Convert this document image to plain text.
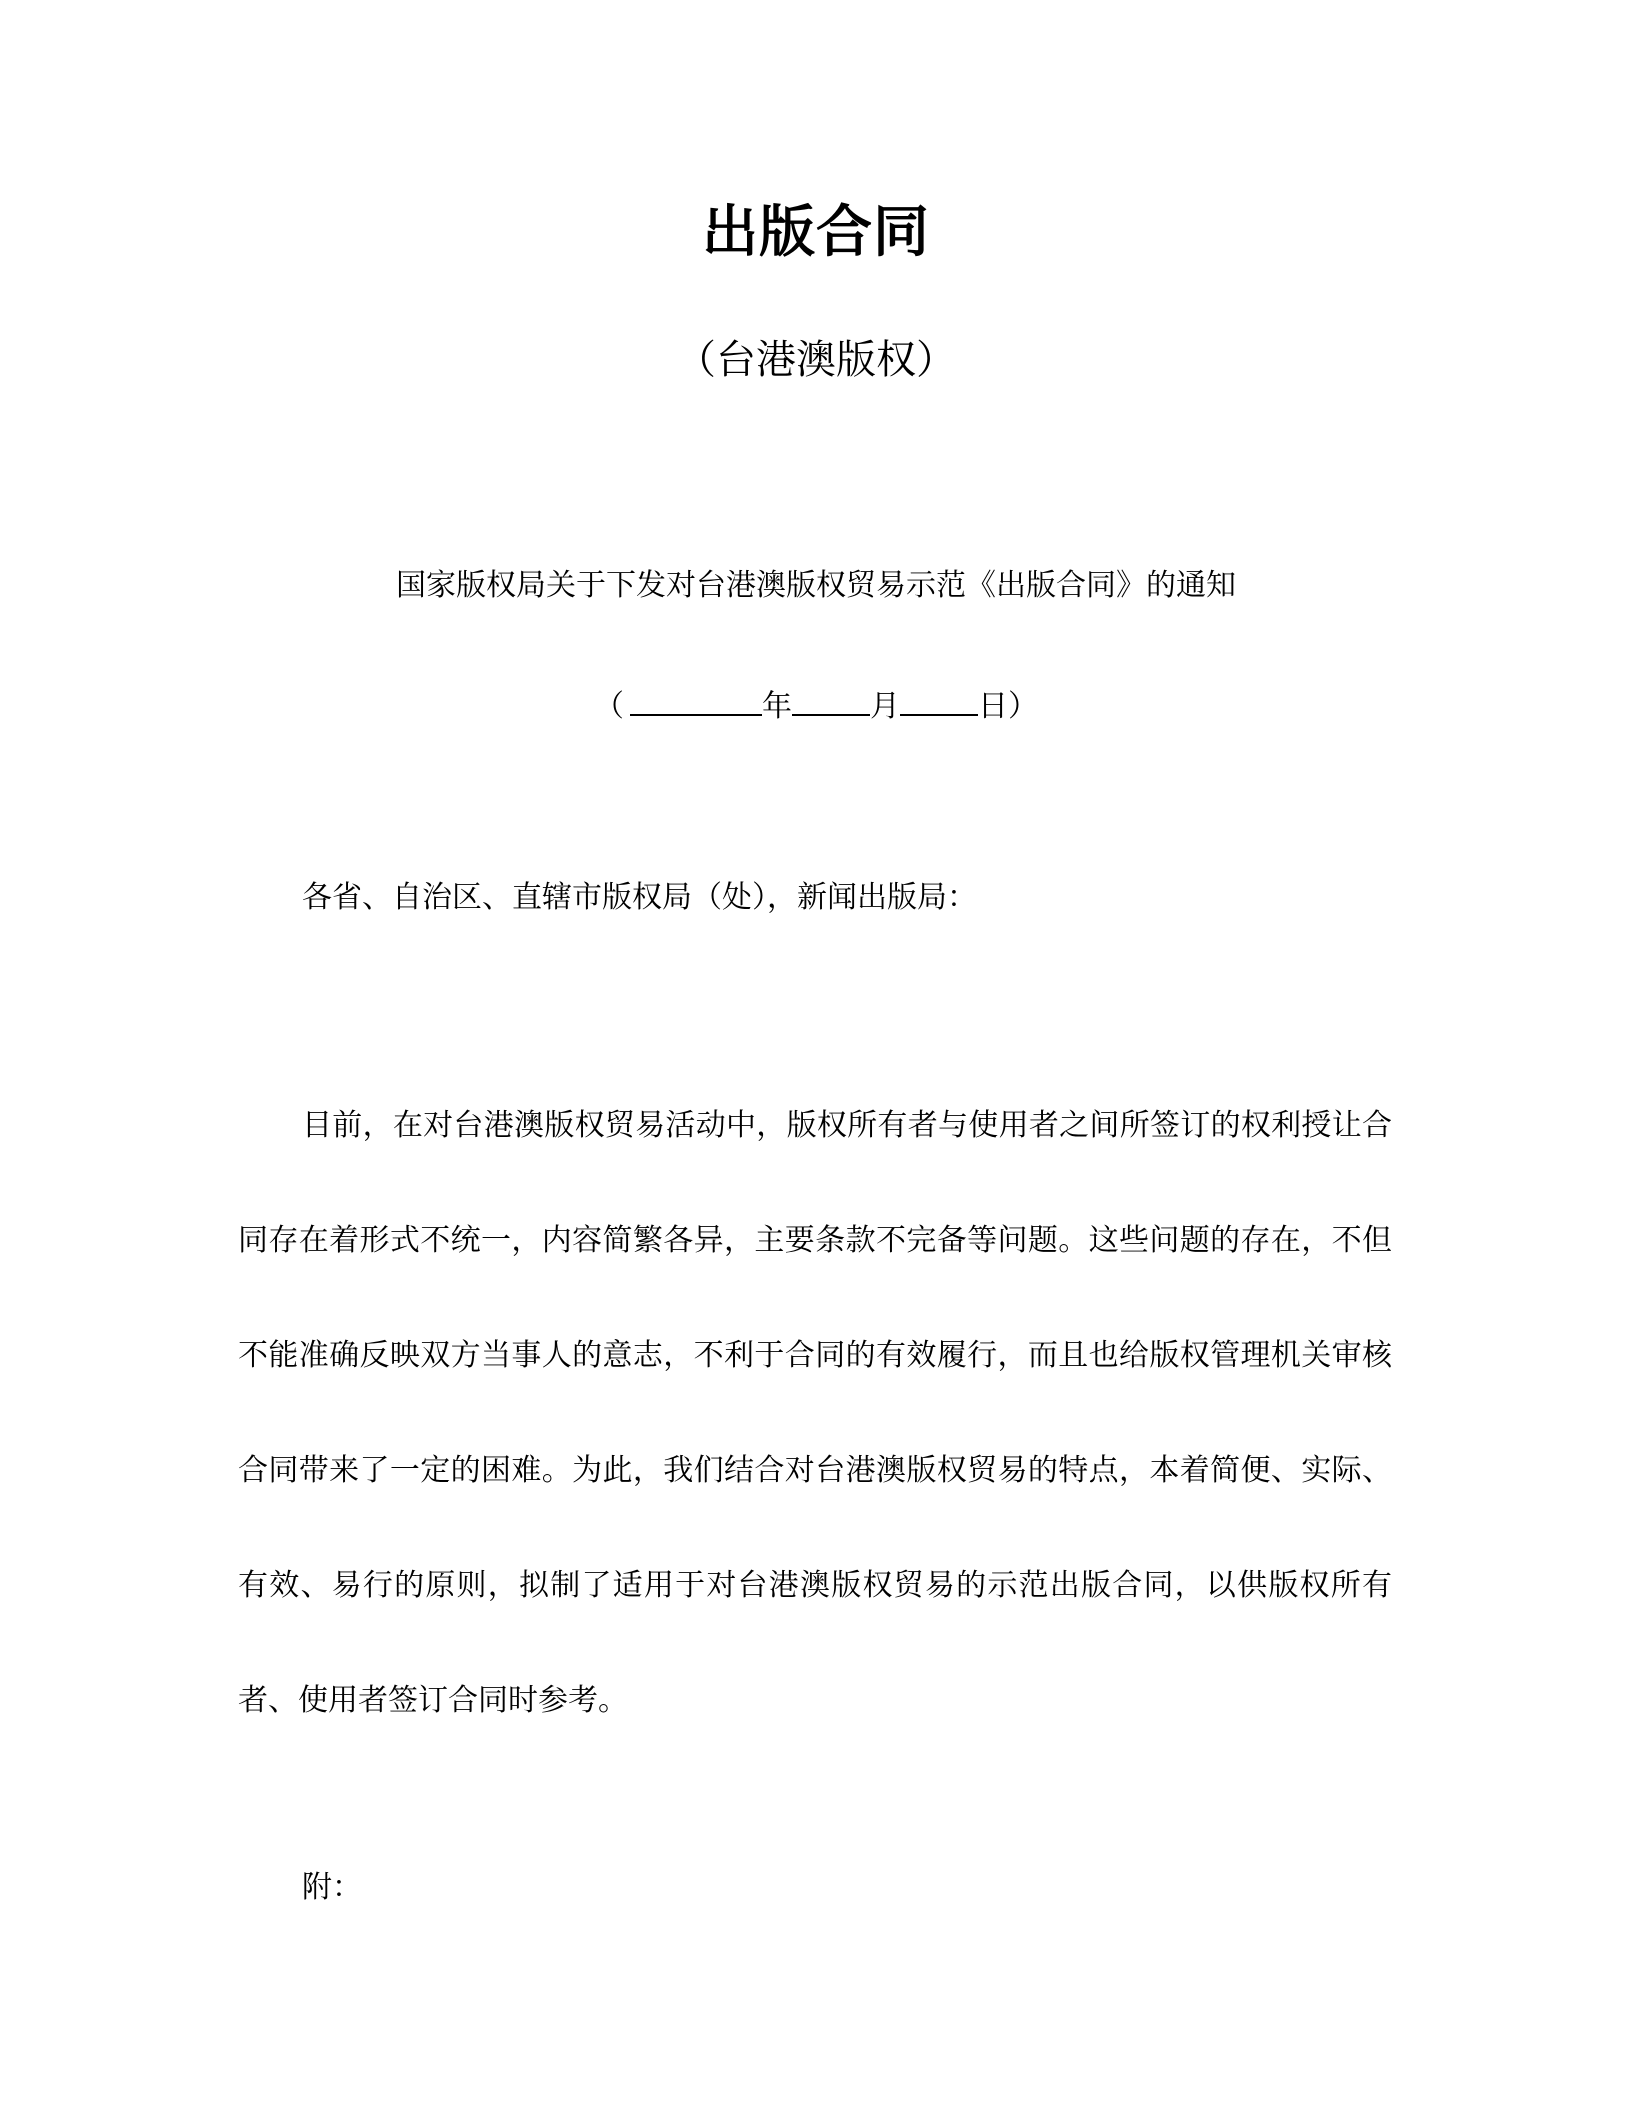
出版合同
（台港澳版权）
国家版权局关于下发对台港澳版权贸易示范《出版合同》的通知
（	年	月	日）
各省、自治区、直辖市版权局（处），新闻出版局：
目前，在对台港澳版权贸易活动中，版权所有者与使用者之间所签订的权利授让合同存在着形式不统一，内容简繁各异，主要条款不完备等问题。这些问题的存在，不但不能准确反映双方当事人的意志，不利于合同的有效履行，而且也给版权管理机关审核合同带来了一定的困难。为此，我们结合对台港澳版权贸易的特点，本着简便、实际、有效、易行的原则，拟制了适用于对台港澳版权贸易的示范出版合同，以供版权所有者、使用者签订合同时参考。
附：
